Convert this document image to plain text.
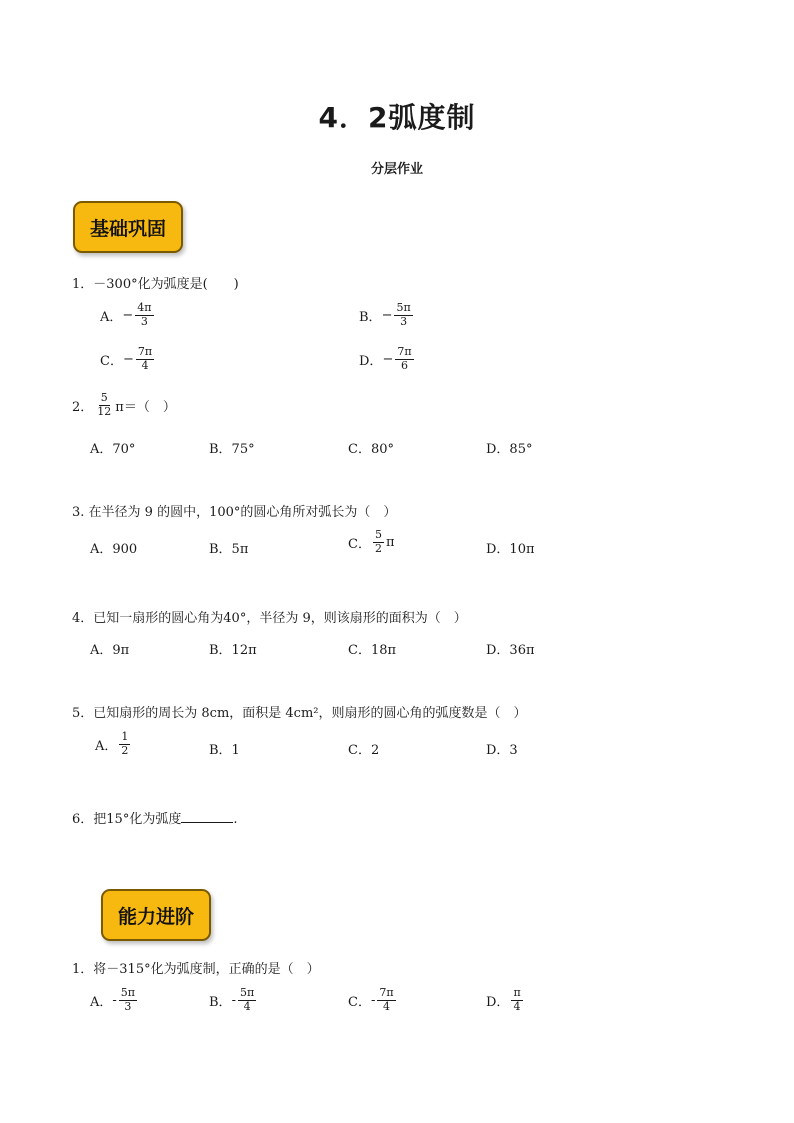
4．2弧度制
分层作业
基础巩固
1．－300°化为弧度是(　　)
A． − $\frac{4\pi}{3}$	B． − $\frac{5\pi}{3}$
C． − $\frac{7\pi}{4}$	D． − $\frac{7\pi}{6}$
2． $\frac{5}{12} \pi=$（　）
A．70°	B．75°	C．80°	D．85°
3. 在半径为 9 的圆中，100°的圆心角所对弧长为（　）
A．900	B．5π	C． $\frac{5}{2}$ π	D．10π
4．已知一扇形的圆心角为40°，半径为 9，则该扇形的面积为（　）
A．9π	B．12π	C．18π	D．36π
5．已知扇形的周长为 8cm，面积是 4cm²，则扇形的圆心角的弧度数是（　）
A． $\frac{1}{2}$	B．1	C．2	D．3
6．把15°化为弧度	.
能力进阶
1．将－315°化为弧度制，正确的是（　）
A． - $\frac{5\pi}{3}$	B． - $\frac{5\pi}{4}$	C． - $\frac{7\pi}{4}$	D． $\frac{\pi}{4}$
